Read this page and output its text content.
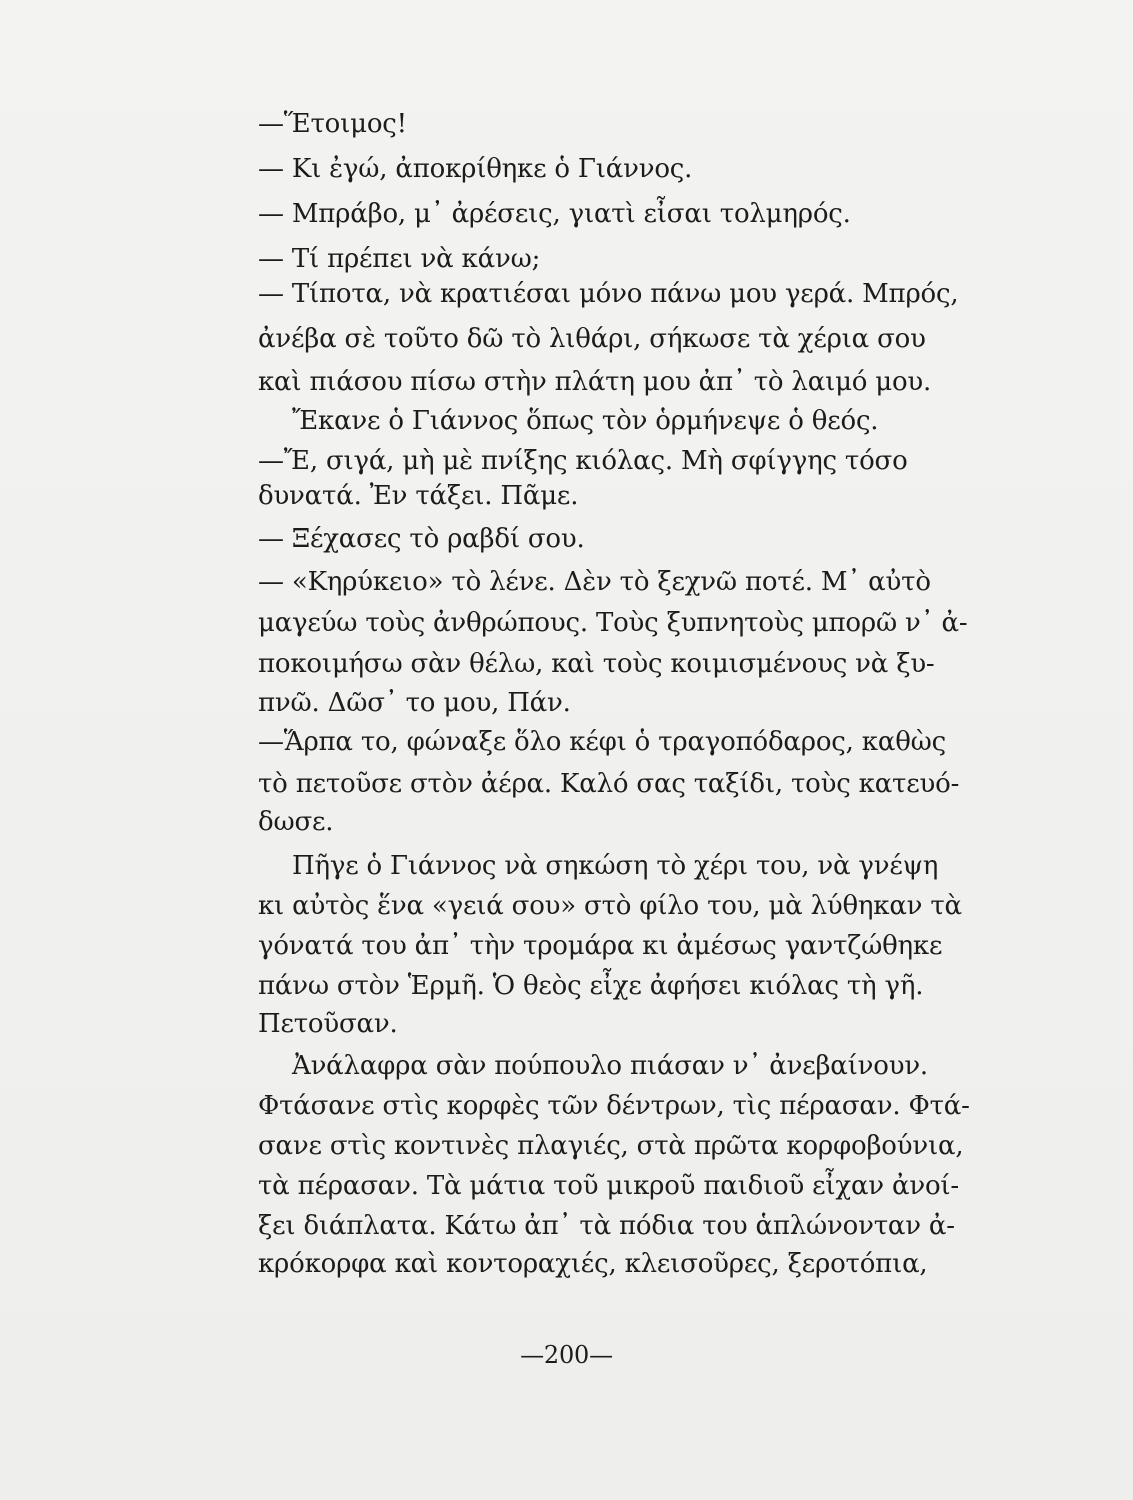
—Ἕτοιμος!
— Κι ἐγώ, ἀποκρίθηκε ὁ Γιάννος.
— Μπράβο, μ᾽ ἀρέσεις, γιατὶ εἶσαι τολμηρός.
— Τί πρέπει νὰ κάνω;
— Τίποτα, νὰ κρατιέσαι μόνο πάνω μου γερά. Μπρός,
ἀνέβα σὲ τοῦτο δῶ τὸ λιθάρι, σήκωσε τὰ χέρια σου
καὶ πιάσου πίσω στὴν πλάτη μου ἀπ᾽ τὸ λαιμό μου.
Ἔκανε ὁ Γιάννος ὅπως τὸν ὁρμήνεψε ὁ θεός.
—Ἔ, σιγά, μὴ μὲ πνίξης κιόλας. Μὴ σφίγγης τόσο
δυνατά. Ἐν τάξει. Πᾶμε.
— Ξέχασες τὸ ραβδί σου.
— «Κηρύκειο» τὸ λένε. Δὲν τὸ ξεχνῶ ποτέ. Μ᾽ αὐτὸ
μαγεύω τοὺς ἀνθρώπους. Τοὺς ξυπνητοὺς μπορῶ ν᾽ ἀ-
ποκοιμήσω σὰν θέλω, καὶ τοὺς κοιμισμένους νὰ ξυ-
πνῶ. Δῶσ᾽ το μου, Πάν.
—Ἅρπα το, φώναξε ὅλο κέφι ὁ τραγοπόδαρος, καθὼς
τὸ πετοῦσε στὸν ἀέρα. Καλό σας ταξίδι, τοὺς κατευό-
δωσε.
Πῆγε ὁ Γιάννος νὰ σηκώση τὸ χέρι του, νὰ γνέψη
κι αὐτὸς ἕνα «γειά σου» στὸ φίλο του, μὰ λύθηκαν τὰ
γόνατά του ἀπ᾽ τὴν τρομάρα κι ἀμέσως γαντζώθηκε
πάνω στὸν Ἑρμῆ. Ὁ θεὸς εἶχε ἀφήσει κιόλας τὴ γῆ.
Πετοῦσαν.
Ἀνάλαφρα σὰν πούπουλο πιάσαν ν᾽ ἀνεβαίνουν.
Φτάσανε στὶς κορφὲς τῶν δέντρων, τὶς πέρασαν. Φτά-
σανε στὶς κοντινὲς πλαγιές, στὰ πρῶτα κορφοβούνια,
τὰ πέρασαν. Τὰ μάτια τοῦ μικροῦ παιδιοῦ εἶχαν ἀνοί-
ξει διάπλατα. Κάτω ἀπ᾽ τὰ πόδια του ἁπλώνονταν ἀ-
κρόκορφα καὶ κοντοραχιές, κλεισοῦρες, ξεροτόπια,
—200—
